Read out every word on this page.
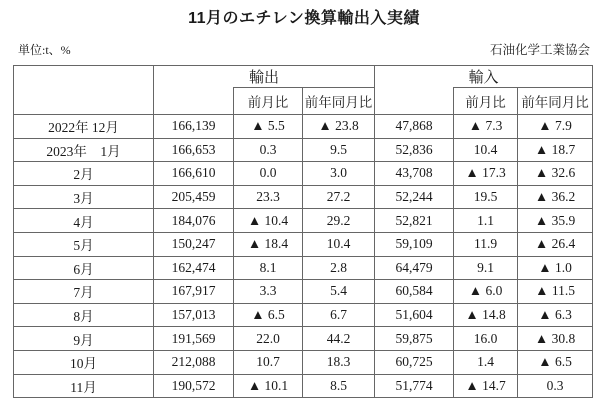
11月のエチレン換算輸出入実績
単位:t、%	石油化学工業協会
	輸出			輸入		
		前月比	前年同月比		前月比	前年同月比
2022年 12月	166,139	▲ 5.5	▲ 23.8	47,868	▲ 7.3	▲ 7.9
2023年　1月	166,653	0.3	9.5	52,836	10.4	▲ 18.7
2月	166,610	0.0	3.0	43,708	▲ 17.3	▲ 32.6
3月	205,459	23.3	27.2	52,244	19.5	▲ 36.2
4月	184,076	▲ 10.4	29.2	52,821	1.1	▲ 35.9
5月	150,247	▲ 18.4	10.4	59,109	11.9	▲ 26.4
6月	162,474	8.1	2.8	64,479	9.1	▲ 1.0
7月	167,917	3.3	5.4	60,584	▲ 6.0	▲ 11.5
8月	157,013	▲ 6.5	6.7	51,604	▲ 14.8	▲ 6.3
9月	191,569	22.0	44.2	59,875	16.0	▲ 30.8
10月	212,088	10.7	18.3	60,725	1.4	▲ 6.5
11月	190,572	▲ 10.1	8.5	51,774	▲ 14.7	0.3
